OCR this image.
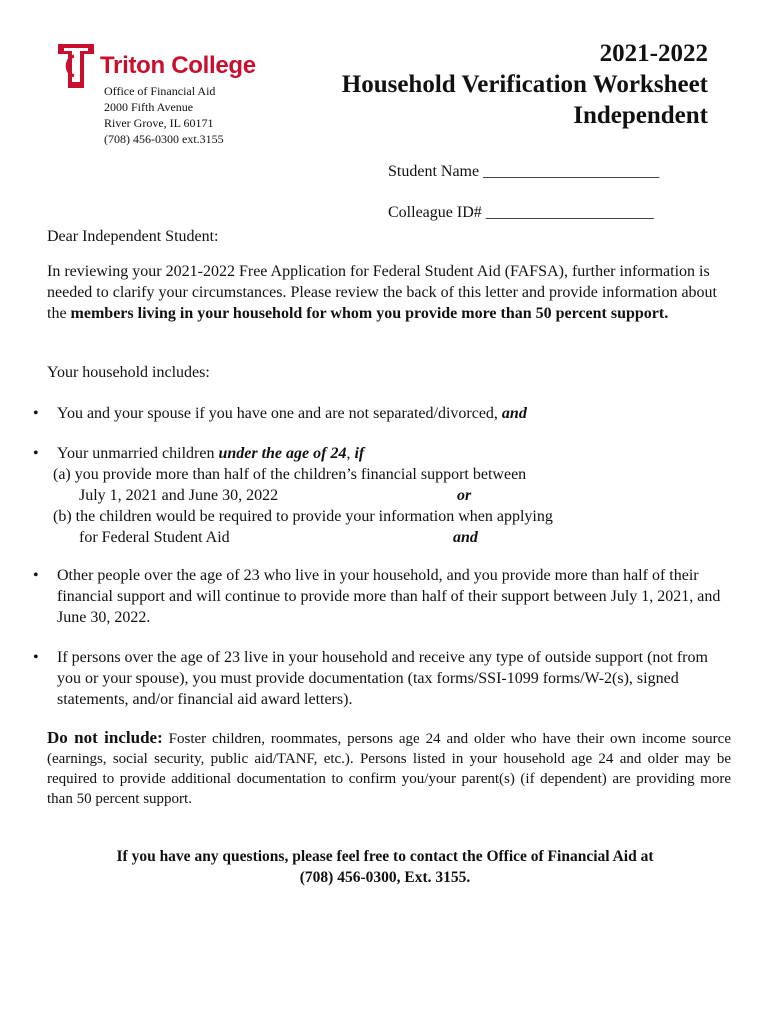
Triton College
Office of Financial Aid
2000 Fifth Avenue
River Grove, IL 60171
(708) 456-0300 ext.3155
2021-2022
Household Verification Worksheet
Independent
Student Name ______________________
Colleague ID# _____________________
Dear Independent Student:
In reviewing your 2021-2022 Free Application for Federal Student Aid (FAFSA), further information is needed to clarify your circumstances. Please review the back of this letter and provide information about the members living in your household for whom you provide more than 50 percent support.
Your household includes:
• You and your spouse if you have one and are not separated/divorced, and
• Your unmarried children under the age of 24, if
(a) you provide more than half of the children’s financial support between
July 1, 2021 and June 30, 2022	or
(b) the children would be required to provide your information when applying
for Federal Student Aid	and
• Other people over the age of 23 who live in your household, and you provide more than half of their financial support and will continue to provide more than half of their support between July 1, 2021, and June 30, 2022.
• If persons over the age of 23 live in your household and receive any type of outside support (not from you or your spouse), you must provide documentation (tax forms/SSI-1099 forms/W-2(s), signed statements, and/or financial aid award letters).
Do not include: Foster children, roommates, persons age 24 and older who have their own income source (earnings, social security, public aid/TANF, etc.). Persons listed in your household age 24 and older may be required to provide additional documentation to confirm you/your parent(s) (if dependent) are providing more than 50 percent support.
If you have any questions, please feel free to contact the Office of Financial Aid at
(708) 456-0300, Ext. 3155.
